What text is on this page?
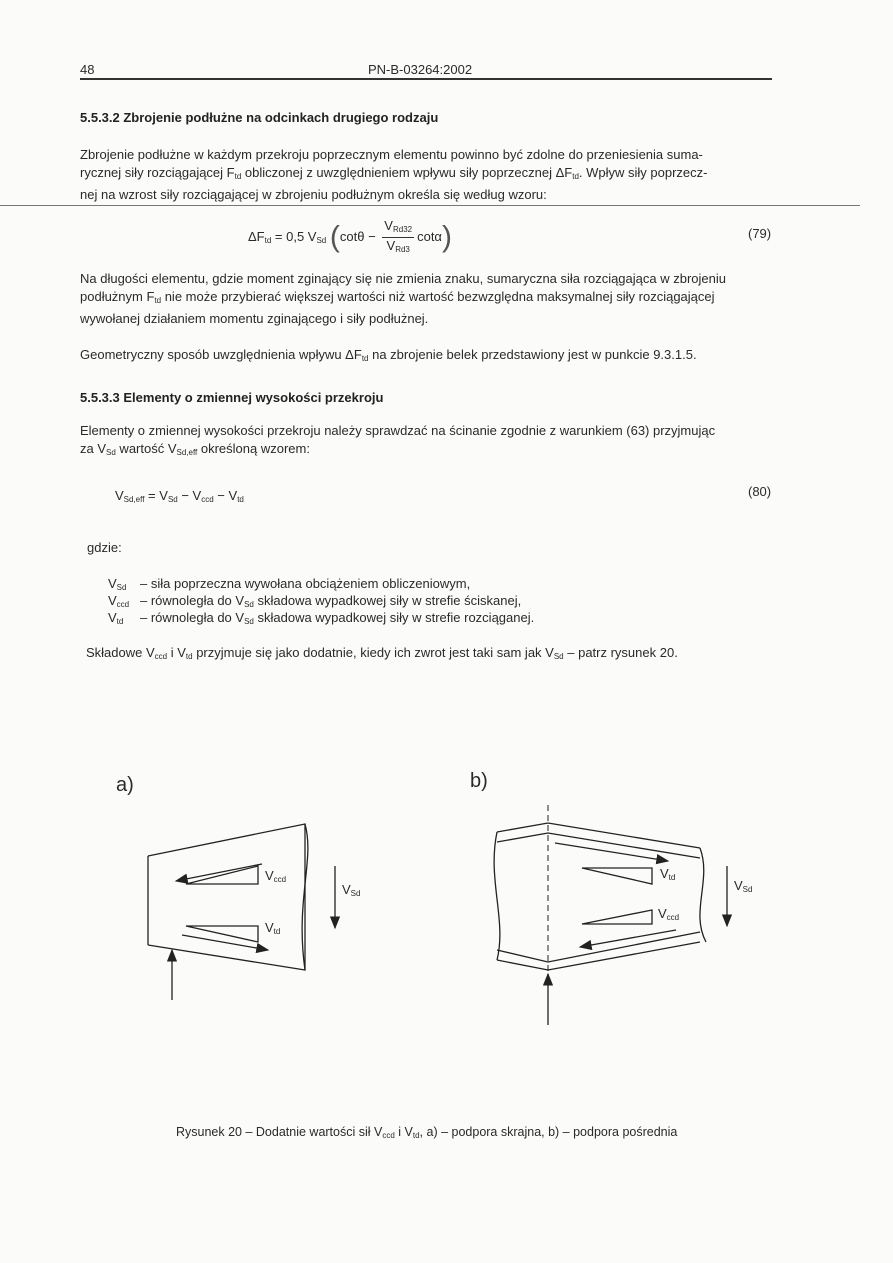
48	PN-B-03264:2002
5.5.3.2 Zbrojenie podłużne na odcinkach drugiego rodzaju

Zbrojenie podłużne w każdym przekroju poprzecznym elementu powinno być zdolne do przeniesienia suma-
rycznej siły rozciągającej $F_{td}$ obliczonej z uwzględnieniem wpływu siły poprzecznej $\Delta F_{td}$. Wpływ siły poprzecz-
nej na wzrost siły rozciągającej w zbrojeniu podłużnym określa się według wzoru:

$\Delta F_{td} = 0,5$ $V_{Sd}$ $(\cot\theta - \frac{V_{Rd32}}{V_{Rd3}} \cot\alpha)$	(79)

Na długości elementu, gdzie moment zginający się nie zmienia znaku, sumaryczna siła rozciągająca w zbrojeniu
podłużnym $F_{td}$ nie może przybierać większej wartości niż wartość bezwzględna maksymalnej siły rozciągającej
wywołanej działaniem momentu zginającego i siły podłużnej.

Geometryczny sposób uwzględnienia wpływu $\Delta F_{td}$ na zbrojenie belek przedstawiony jest w punkcie 9.3.1.5.

5.5.3.3 Elementy o zmiennej wysokości przekroju

Elementy o zmiennej wysokości przekroju należy sprawdzać na ścinanie zgodnie z warunkiem (63) przyjmując
za $V_{Sd}$ wartość $V_{Sd,eff}$ określoną wzorem:

$V_{Sd,eff} = V_{Sd} - V_{ccd} - V_{td}$
(80)
gdzie:
$V_{Sd}$ – siła poprzeczna wywołana obciążeniem obliczeniowym,
$V_{ccd}$ – równoległa do $V_{Sd}$ składowa wypadkowej siły w strefie ściskanej,
$V_{td}$ – równoległa do $V_{Sd}$ składowa wypadkowej siły w strefie rozciąganej.

Składowe $V_{ccd}$ i $V_{td}$ przyjmuje się jako dodatnie, kiedy ich zwrot jest taki sam jak $V_{Sd}$ – patrz rysunek 20.

a)	b)
$V_{ccd}$
$V_{td}$
$V_{Sd}$
$V_{td}$
$V_{ccd}$
$V_{Sd}$
Rysunek 20 – Dodatnie wartości sił $V_{ccd}$ i $V_{td}$, a) – podpora skrajna, b) – podpora pośrednia
